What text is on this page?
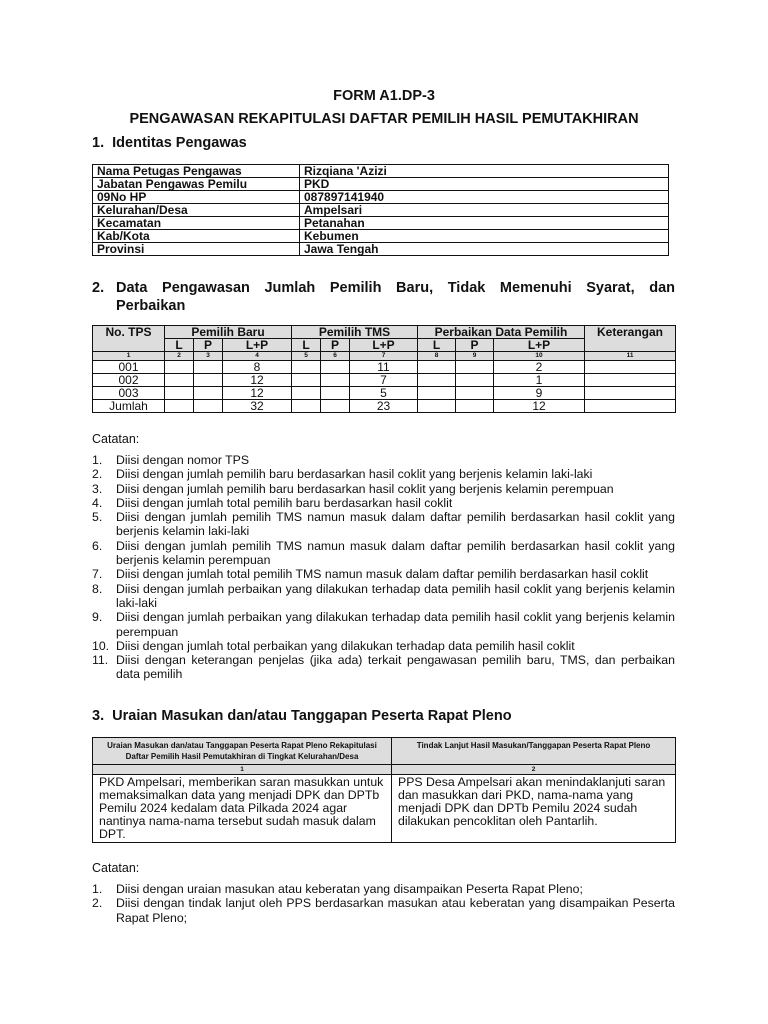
FORM A1.DP-3
PENGAWASAN REKAPITULASI DAFTAR PEMILIH HASIL PEMUTAKHIRAN
1. Identitas Pengawas
Nama Petugas Pengawas	Rizqiana 'Azizi
Jabatan Pengawas Pemilu	PKD
09No HP	087897141940
Kelurahan/Desa	Ampelsari
Kecamatan	Petanahan
Kab/Kota	Kebumen
Provinsi	Jawa Tengah
2. Data Pengawasan Jumlah Pemilih Baru, Tidak Memenuhi Syarat, dan
Perbaikan
No. TPS	Pemilih Baru			Pemilih TMS			Perbaikan Data Pemilih			Keterangan
	L	P	L+P	L	P	L+P	L	P	L+P	
1	2	3	4	5	6	7	8	9	10	11
001			8			11			2	
002			12			7			1	
003			12			5			9	
Jumlah			32			23			12	
Catatan:
1.	Diisi dengan nomor TPS
2.	Diisi dengan jumlah pemilih baru berdasarkan hasil coklit yang berjenis kelamin laki-laki
3.	Diisi dengan jumlah pemilih baru berdasarkan hasil coklit yang berjenis kelamin perempuan
4.	Diisi dengan jumlah total pemilih baru berdasarkan hasil coklit
5.	Diisi dengan jumlah pemilih TMS namun masuk dalam daftar pemilih berdasarkan hasil coklit yang berjenis kelamin laki-laki
6.	Diisi dengan jumlah pemilih TMS namun masuk dalam daftar pemilih berdasarkan hasil coklit yang berjenis kelamin perempuan
7.	Diisi dengan jumlah total pemilih TMS namun masuk dalam daftar pemilih berdasarkan hasil coklit
8.	Diisi dengan jumlah perbaikan yang dilakukan terhadap data pemilih hasil coklit yang berjenis kelamin laki-laki
9.	Diisi dengan jumlah perbaikan yang dilakukan terhadap data pemilih hasil coklit yang berjenis kelamin perempuan
10. Diisi dengan jumlah total perbaikan yang dilakukan terhadap data pemilih hasil coklit
11. Diisi dengan keterangan penjelas (jika ada) terkait pengawasan pemilih baru, TMS, dan perbaikan data pemilih
3. Uraian Masukan dan/atau Tanggapan Peserta Rapat Pleno
Uraian Masukan dan/atau Tanggapan Peserta Rapat Pleno Rekapitulasi Daftar Pemilih Hasil Pemutakhiran di Tingkat Kelurahan/Desa	Tindak Lanjut Hasil Masukan/Tanggapan Peserta Rapat Pleno
1	2
PKD Ampelsari, memberikan saran masukkan untuk memaksimalkan data yang menjadi DPK dan DPTb Pemilu 2024 kedalam data Pilkada 2024 agar nantinya nama-nama tersebut sudah masuk dalam DPT.	PPS Desa Ampelsari akan menindaklanjuti saran dan masukkan dari PKD, nama-nama yang menjadi DPK dan DPTb Pemilu 2024 sudah dilakukan pencoklitan oleh Pantarlih.
Catatan:
1.	Diisi dengan uraian masukan atau keberatan yang disampaikan Peserta Rapat Pleno;
2.	Diisi dengan tindak lanjut oleh PPS berdasarkan masukan atau keberatan yang disampaikan Peserta Rapat Pleno;
